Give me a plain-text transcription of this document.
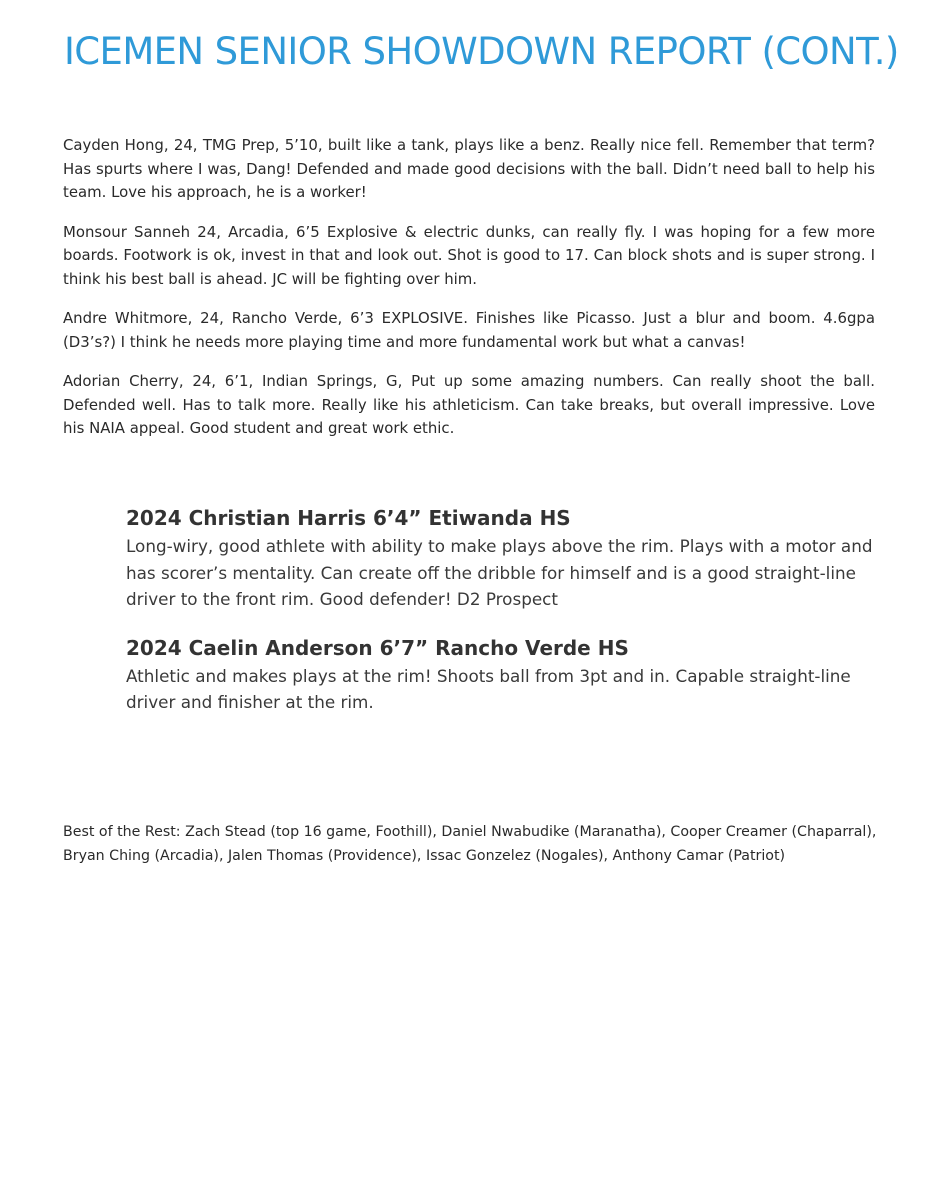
ICEMEN SENIOR SHOWDOWN REPORT (CONT.)

Cayden Hong, 24, TMG Prep, 5’10, built like a tank, plays like a benz. Really nice fell. Remember that term? Has spurts where I was, Dang! Defended and made good decisions with the ball. Didn’t need ball to help his team. Love his approach, he is a worker!

Monsour Sanneh 24, Arcadia, 6’5 Explosive & electric dunks, can really fly. I was hoping for a few more boards. Footwork is ok, invest in that and look out. Shot is good to 17. Can block shots and is super strong. I think his best ball is ahead. JC will be fighting over him.

Andre Whitmore, 24, Rancho Verde, 6’3 EXPLOSIVE. Finishes like Picasso. Just a blur and boom. 4.6gpa (D3’s?) I think he needs more playing time and more fundamental work but what a canvas!

Adorian Cherry, 24, 6’1, Indian Springs, G, Put up some amazing numbers. Can really shoot the ball. Defended well. Has to talk more. Really like his athleticism. Can take breaks, but overall impressive. Love his NAIA appeal. Good student and great work ethic.

2024 Christian Harris 6’4” Etiwanda HS

Long-wiry, good athlete with ability to make plays above the rim. Plays with a motor and has scorer’s mentality. Can create off the dribble for himself and is a good straight-line driver to the front rim. Good defender! D2 Prospect

2024 Caelin Anderson 6’7” Rancho Verde HS

Athletic and makes plays at the rim! Shoots ball from 3pt and in. Capable straight-line driver and finisher at the rim.

Best of the Rest: Zach Stead (top 16 game, Foothill), Daniel Nwabudike (Maranatha), Cooper Creamer (Chaparral), Bryan Ching (Arcadia), Jalen Thomas (Providence), Issac Gonzelez (Nogales), Anthony Camar (Patriot)
